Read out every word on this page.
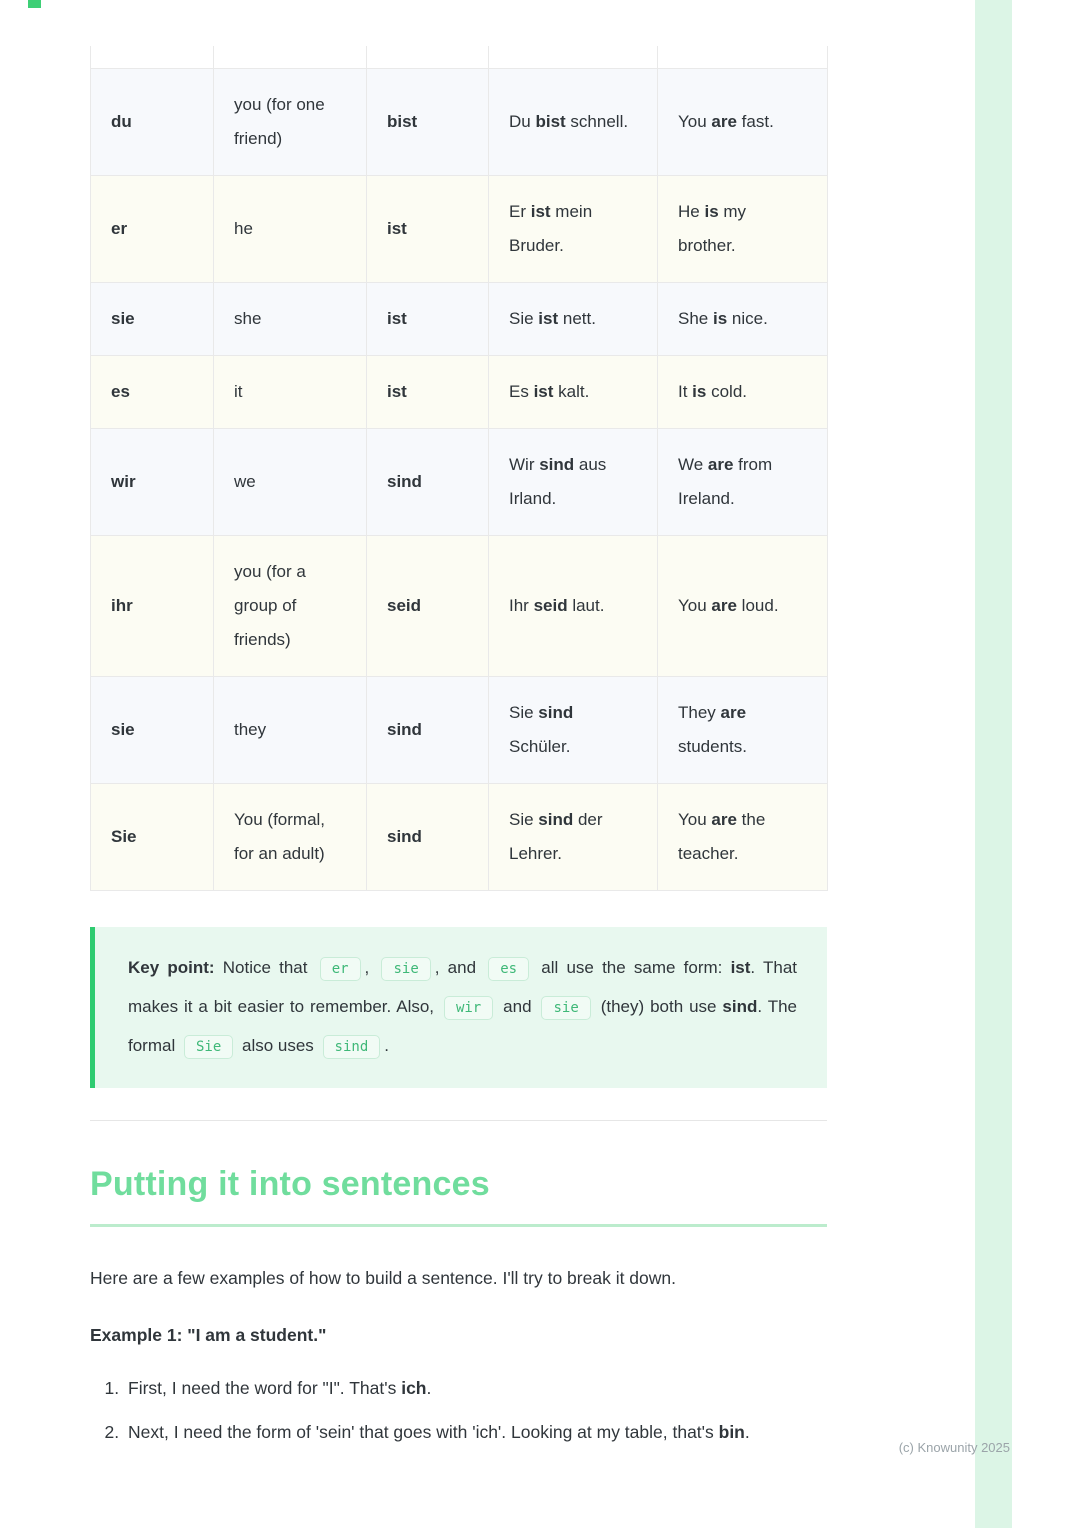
du	you (for one friend)	bist	Du bist schnell.	You are fast.
er	he	ist	Er ist mein Bruder.	He is my brother.
sie	she	ist	Sie ist nett.	She is nice.
es	it	ist	Es ist kalt.	It is cold.
wir	we	sind	Wir sind aus Irland.	We are from Ireland.
ihr	you (for a group of friends)	seid	Ihr seid laut.	You are loud.
sie	they	sind	Sie sind Schüler.	They are students.
Sie	You (formal, for an adult)	sind	Sie sind der Lehrer.	You are the teacher.
Key point: Notice that er , sie , and es all use the same form: ist. That makes it a bit easier to remember. Also, wir and sie (they) both use sind. The formal Sie also uses sind .
Putting it into sentences

Here are a few examples of how to build a sentence. I'll try to break it down.

Example 1: "I am a student."

1. First, I need the word for "I". That's ich.
2. Next, I need the form of 'sein' that goes with 'ich'. Looking at my table, that's bin.
(c) Knowunity 2025
